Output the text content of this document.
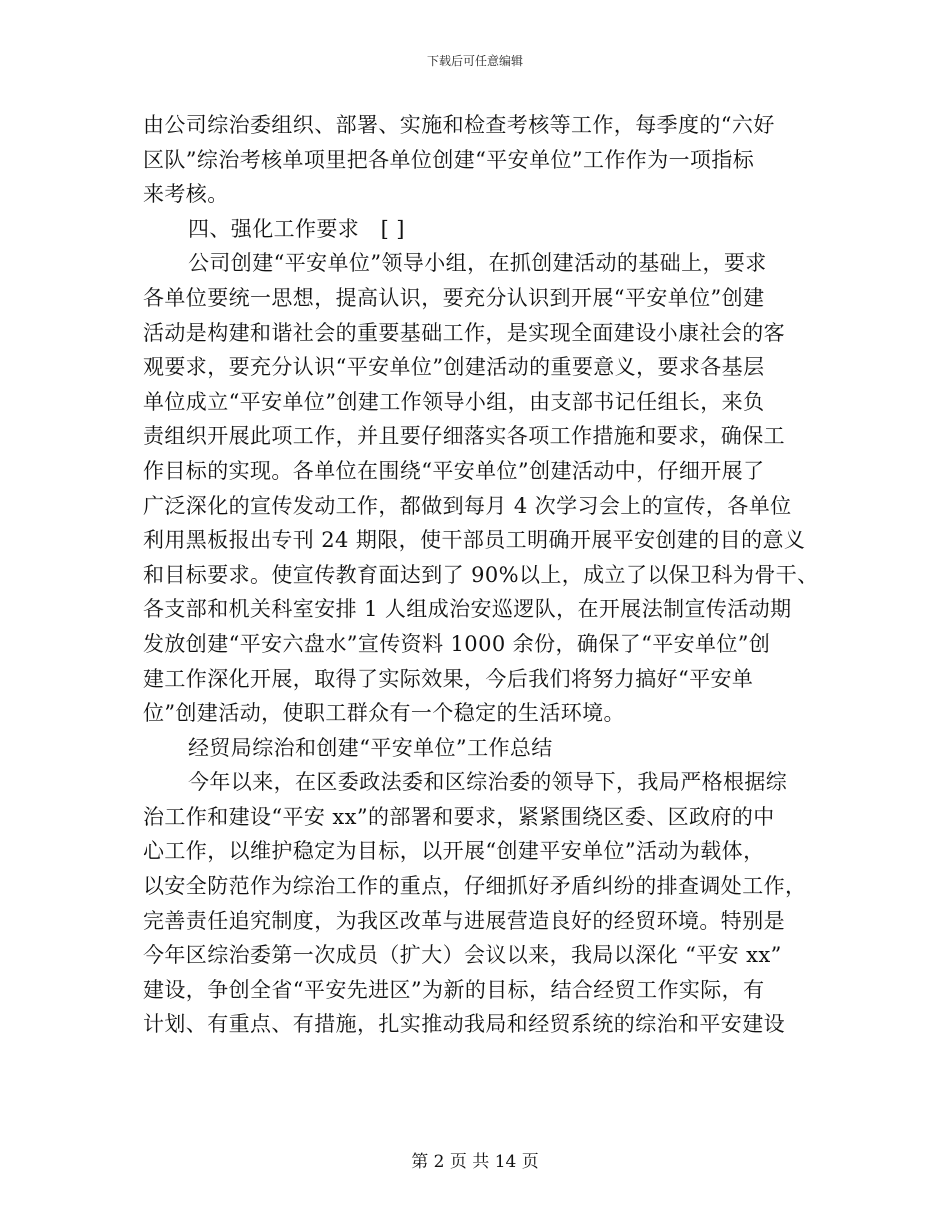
下载后可任意编辑
由公司综治委组织、部署、实施和检查考核等工作，每季度的“六好
区队”综治考核单项里把各单位创建“平安单位”工作作为一项指标
来考核。
四、强化工作要求　[ ]
公司创建“平安单位”领导小组，在抓创建活动的基础上，要求
各单位要统一思想，提高认识，要充分认识到开展“平安单位”创建
活动是构建和谐社会的重要基础工作，是实现全面建设小康社会的客
观要求，要充分认识“平安单位”创建活动的重要意义，要求各基层
单位成立“平安单位”创建工作领导小组，由支部书记任组长，来负
责组织开展此项工作，并且要仔细落实各项工作措施和要求，确保工
作目标的实现。各单位在围绕“平安单位”创建活动中，仔细开展了
广泛深化的宣传发动工作，都做到每月 4 次学习会上的宣传，各单位
利用黑板报出专刊 24 期限，使干部员工明确开展平安创建的目的意义
和目标要求。使宣传教育面达到了 90%以上，成立了以保卫科为骨干、
各支部和机关科室安排 1 人组成治安巡逻队，在开展法制宣传活动期
发放创建“平安六盘水”宣传资料 1000 余份，确保了“平安单位”创
建工作深化开展，取得了实际效果，今后我们将努力搞好“平安单
位”创建活动，使职工群众有一个稳定的生活环境。
经贸局综治和创建“平安单位”工作总结
今年以来，在区委政法委和区综治委的领导下，我局严格根据综
治工作和建设“平安 xx”的部署和要求，紧紧围绕区委、区政府的中
心工作，以维护稳定为目标，以开展“创建平安单位”活动为载体，
以安全防范作为综治工作的重点，仔细抓好矛盾纠纷的排查调处工作，
完善责任追究制度，为我区改革与进展营造良好的经贸环境。特别是
今年区综治委第一次成员（扩大）会议以来，我局以深化 “平安 xx”
建设，争创全省“平安先进区”为新的目标，结合经贸工作实际，有
计划、有重点、有措施，扎实推动我局和经贸系统的综治和平安建设
第 2 页 共 14 页
